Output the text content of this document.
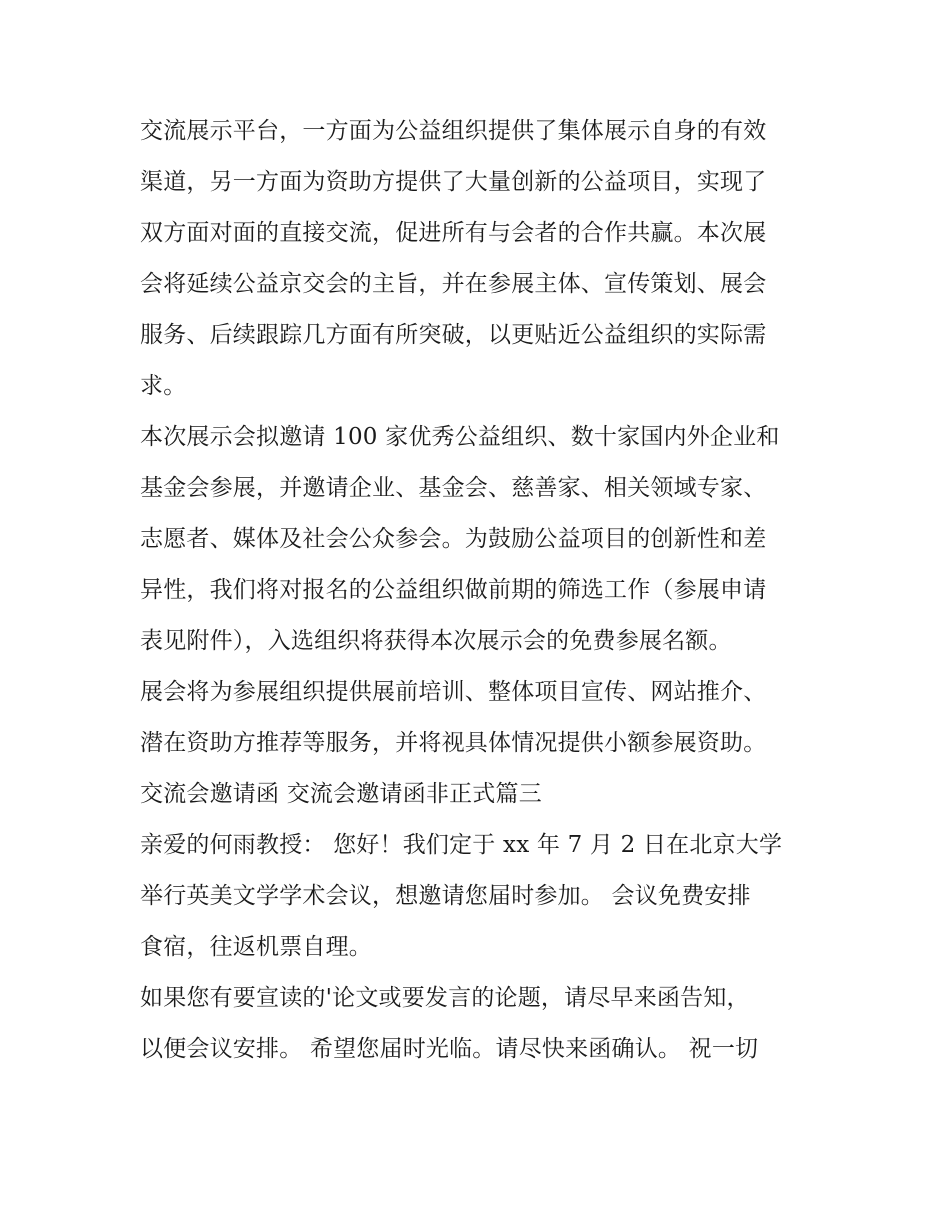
交流展示平台，一方面为公益组织提供了集体展示自身的有效
渠道，另一方面为资助方提供了大量创新的公益项目，实现了
双方面对面的直接交流，促进所有与会者的合作共赢。本次展
会将延续公益京交会的主旨，并在参展主体、宣传策划、展会
服务、后续跟踪几方面有所突破，以更贴近公益组织的实际需
求。
本次展示会拟邀请 100 家优秀公益组织、数十家国内外企业和
基金会参展，并邀请企业、基金会、慈善家、相关领域专家、
志愿者、媒体及社会公众参会。为鼓励公益项目的创新性和差
异性，我们将对报名的公益组织做前期的筛选工作（参展申请
表见附件），入选组织将获得本次展示会的免费参展名额。
展会将为参展组织提供展前培训、整体项目宣传、网站推介、
潜在资助方推荐等服务，并将视具体情况提供小额参展资助。
交流会邀请函 交流会邀请函非正式篇三
亲爱的何雨教授： 您好！我们定于 xx 年 7 月 2 日在北京大学
举行英美文学学术会议，想邀请您届时参加。 会议免费安排
食宿，往返机票自理。
如果您有要宣读的'论文或要发言的论题，请尽早来函告知，
以便会议安排。 希望您届时光临。请尽快来函确认。 祝一切
